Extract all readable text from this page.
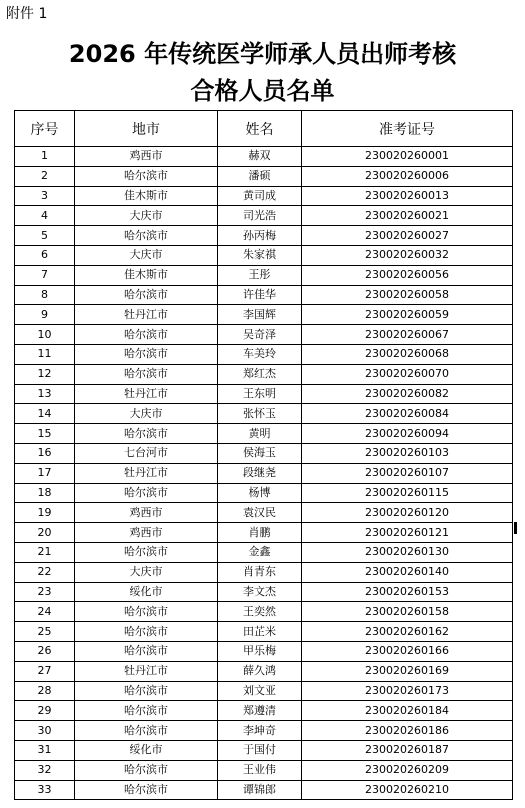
附件 1
2026 年传统医学师承人员出师考核
合格人员名单
序号	地市	姓名	准考证号
1	鸡西市	赫双	230020260001
2	哈尔滨市	潘硕	230020260006
3	佳木斯市	黄司成	230020260013
4	大庆市	司光浩	230020260021
5	哈尔滨市	孙丙梅	230020260027
6	大庆市	朱家祺	230020260032
7	佳木斯市	王彤	230020260056
8	哈尔滨市	许佳华	230020260058
9	牡丹江市	李国辉	230020260059
10	哈尔滨市	吴奇泽	230020260067
11	哈尔滨市	车美玲	230020260068
12	哈尔滨市	郑红杰	230020260070
13	牡丹江市	王东明	230020260082
14	大庆市	张怀玉	230020260084
15	哈尔滨市	黄明	230020260094
16	七台河市	侯海玉	230020260103
17	牡丹江市	段继尧	230020260107
18	哈尔滨市	杨博	230020260115
19	鸡西市	袁汉民	230020260120
20	鸡西市	肖鹏	230020260121
21	哈尔滨市	金鑫	230020260130
22	大庆市	肖青东	230020260140
23	绥化市	李文杰	230020260153
24	哈尔滨市	王奕然	230020260158
25	哈尔滨市	田芷米	230020260162
26	哈尔滨市	甲乐梅	230020260166
27	牡丹江市	薛久鸿	230020260169
28	哈尔滨市	刘文亚	230020260173
29	哈尔滨市	郑遵清	230020260184
30	哈尔滨市	李坤奇	230020260186
31	绥化市	于国付	230020260187
32	哈尔滨市	王业伟	230020260209
33	哈尔滨市	谭锦郎	230020260210
